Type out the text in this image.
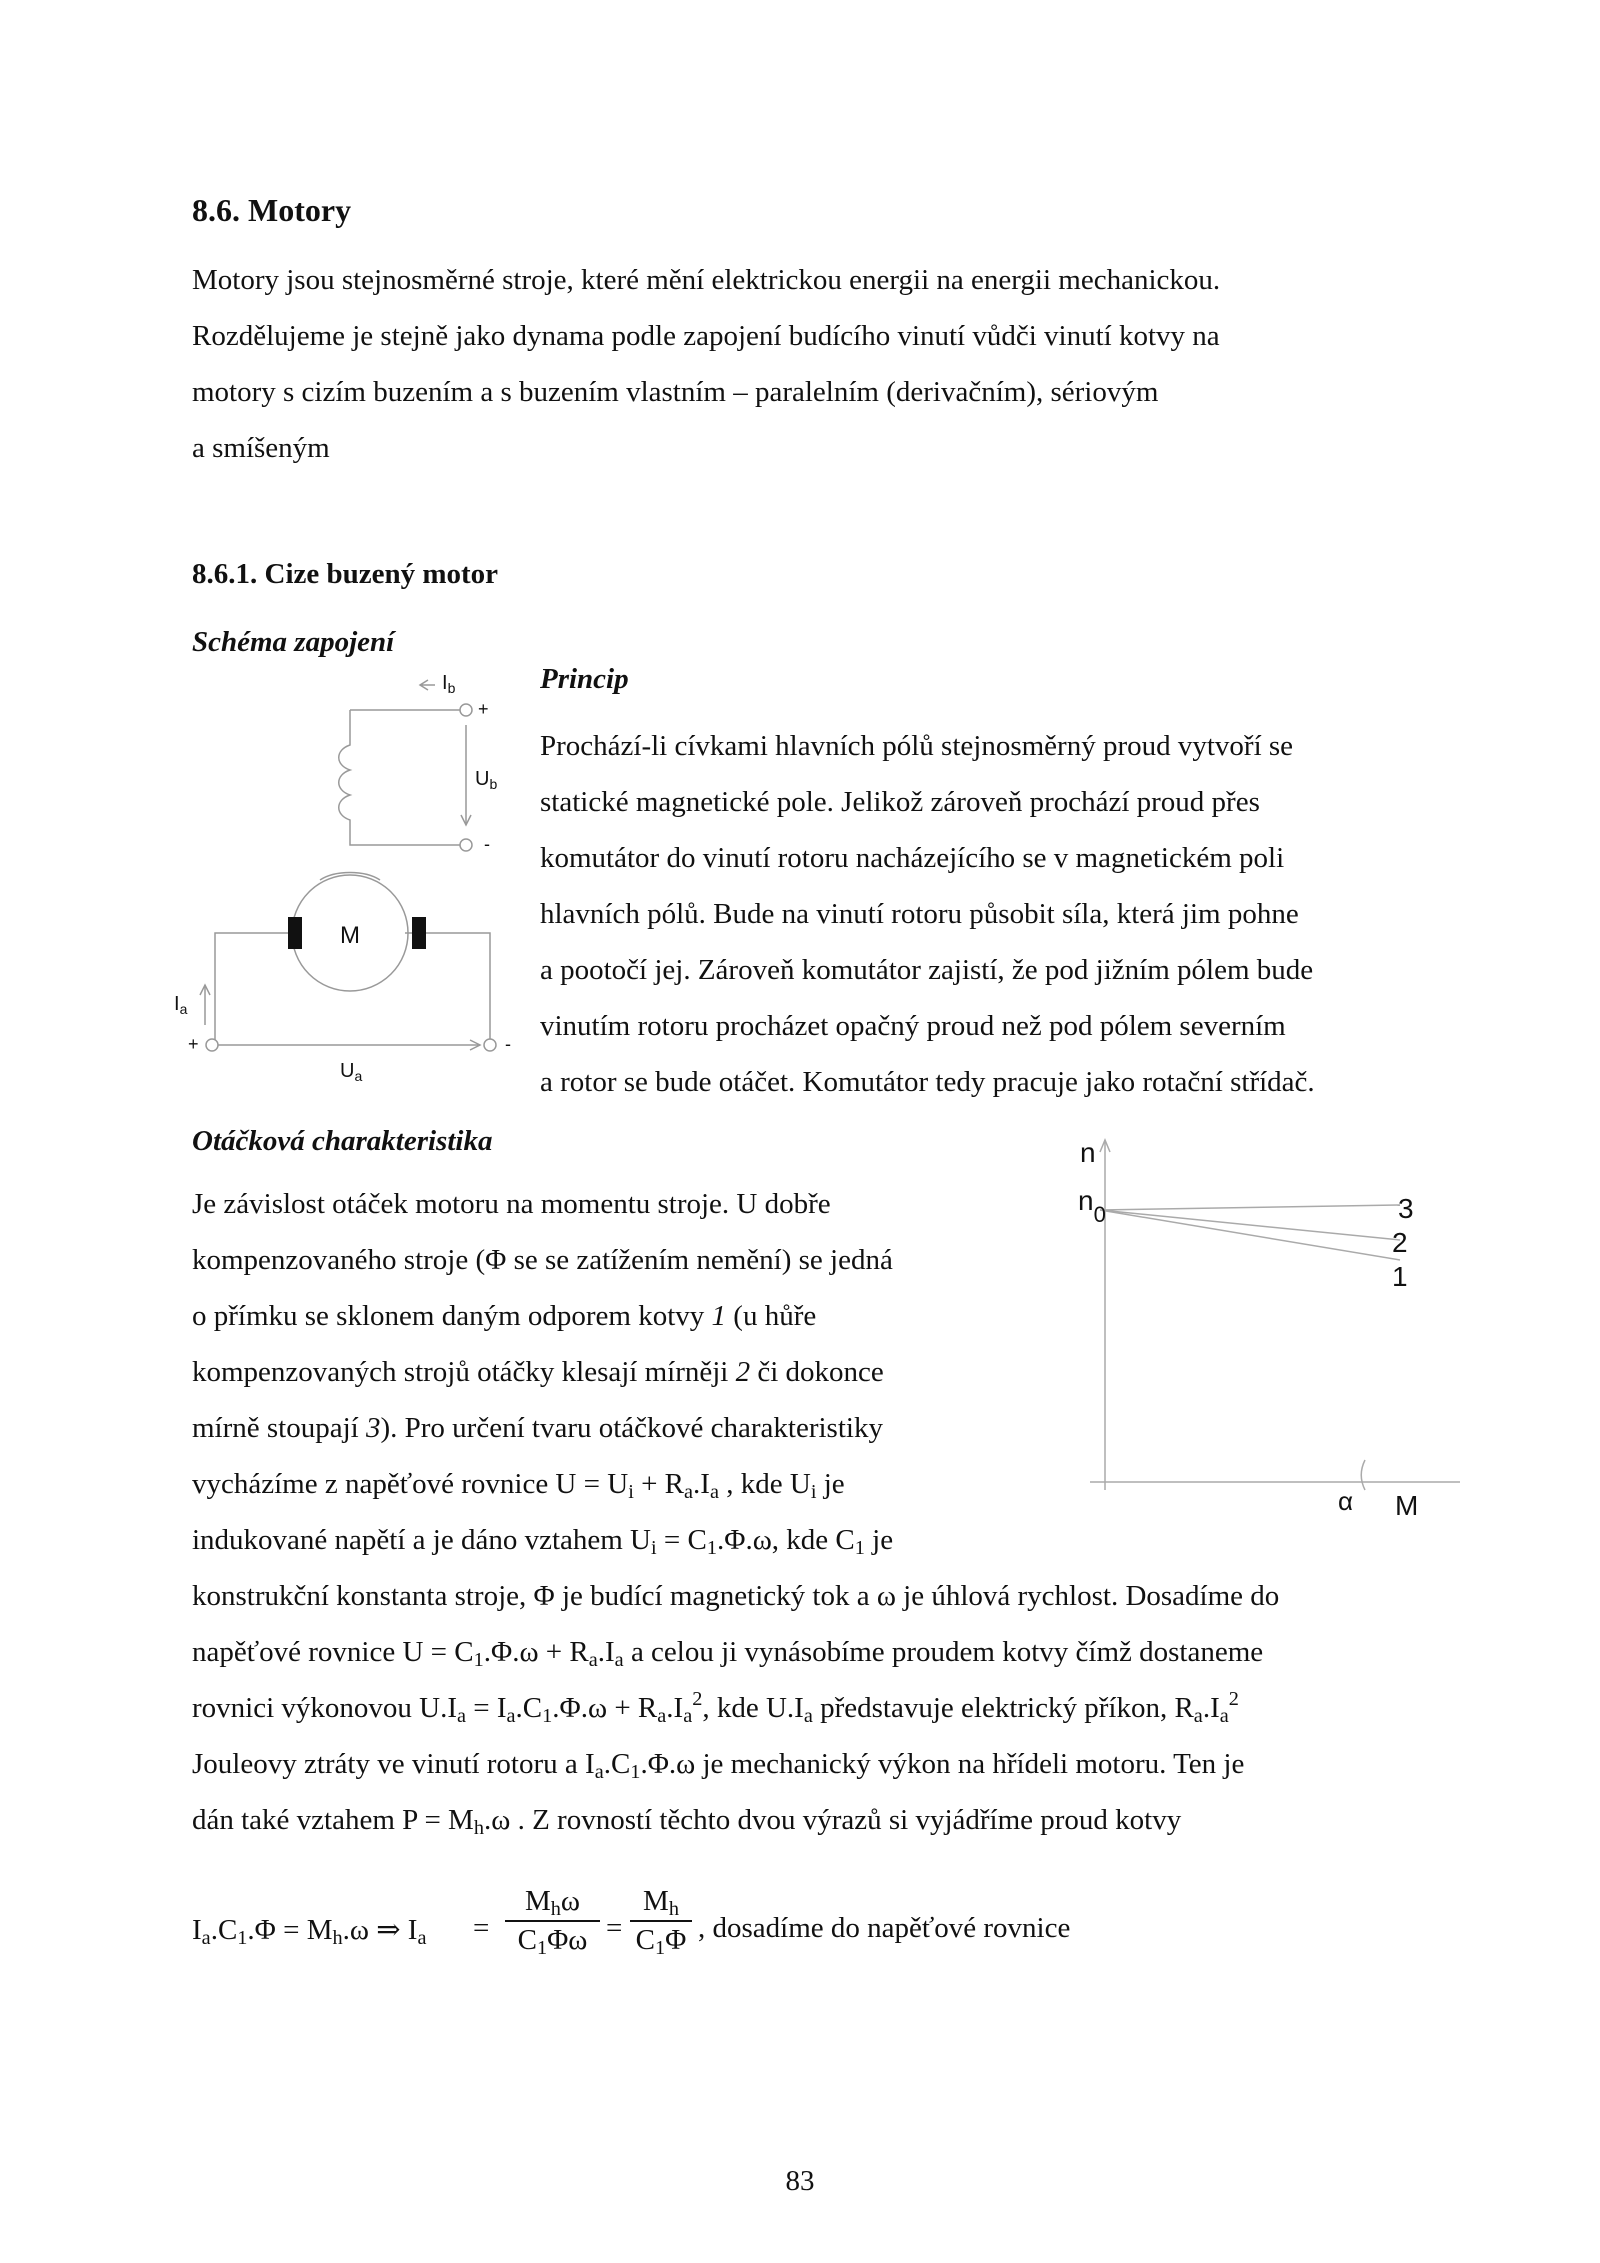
8.6. Motory
Motory jsou stejnosměrné stroje, které mění elektrickou energii na energii mechanickou.
Rozdělujeme je stejně jako dynama podle zapojení budícího vinutí vůdči vinutí kotvy na
motory s cizím buzením a s buzením vlastním – paralelním (derivačním), sériovým
a smíšeným
8.6.1. Cize buzený motor
Schéma zapojení
$I_b$
+
$U_b$
-
M
$I_a$
+	-
$U_a$
Princip
Prochází-li cívkami hlavních pólů stejnosměrný proud vytvoří se
statické magnetické pole. Jelikož zároveň prochází proud přes
komutátor do vinutí rotoru nacházejícího se v magnetickém poli
hlavních pólů. Bude na vinutí rotoru působit síla, která jim pohne
a pootočí jej. Zároveň komutátor zajistí, že pod jižním pólem bude
vinutím rotoru procházet opačný proud než pod pólem severním
a rotor se bude otáčet. Komutátor tedy pracuje jako rotační střídač.
Otáčková charakteristika
Je závislost otáček motoru na momentu stroje. U dobře
kompenzovaného stroje (Φ se se zatížením nemění) se jedná
o přímku se sklonem daným odporem kotvy 1 (u hůře
kompenzovaných strojů otáčky klesají mírněji 2 či dokonce
mírně stoupají 3). Pro určení tvaru otáčkové charakteristiky
vycházíme z napěťové rovnice $U = U_i + R_a.I_a$ , kde $U_i$ je
indukované napětí a je dáno vztahem $U_i = C_1.\Phi.\omega$, kde $C_1$ je
n
$n_0$
M
α
3
2
1
konstrukční konstanta stroje, Φ je budící magnetický tok a ω je úhlová rychlost. Dosadíme do
napěťové rovnice $U = C_1.\Phi.\omega + R_a.I_a$ a celou ji vynásobíme proudem kotvy čímž dostaneme
rovnici výkonovou $U.I_a = I_a.C_1.\Phi.\omega + R_a.I_a^2$, kde $U.I_a$ představuje elektrický příkon, $R_a.I_a^2$
Jouleovy ztráty ve vinutí rotoru a $I_a.C_1.\Phi.\omega$ je mechanický výkon na hřídeli motoru. Ten je
dán také vztahem $P = M_h.\omega$ . Z rovností těchto dvou výrazů si vyjádříme proud kotvy
$I_a.C_1.\Phi = M_h.\omega$ ⇒ $I_a$ =
$M_h\omega$
$C_1\Phi\omega$ =
$M_h$
$C_1\Phi$ , dosadíme do napěťové rovnice
83
